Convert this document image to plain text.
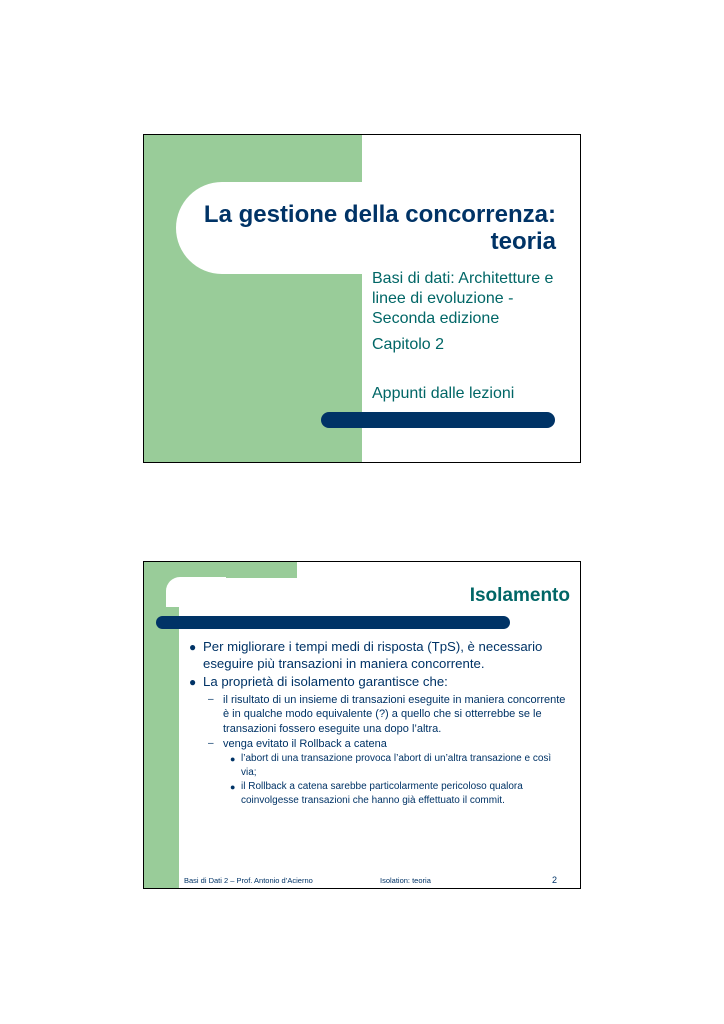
La gestione della concorrenza: teoria
Basi di dati: Architetture e linee di evoluzione - Seconda edizione
Capitolo 2
Appunti dalle lezioni
Isolamento
● Per migliorare i tempi medi di risposta (TpS), è necessario eseguire più transazioni in maniera concorrente.
● La proprietà di isolamento garantisce che:
– il risultato di un insieme di transazioni eseguite in maniera concorrente è in qualche modo equivalente (?) a quello che si otterrebbe se le transazioni fossero eseguite una dopo l’altra.
– venga evitato il Rollback a catena
● l’abort di una transazione provoca l’abort di un’altra transazione e così via;
● il Rollback a catena sarebbe particolarmente pericoloso qualora coinvolgesse transazioni che hanno già effettuato il commit.
Basi di Dati 2 – Prof. Antonio d’Acierno	Isolation: teoria	2
